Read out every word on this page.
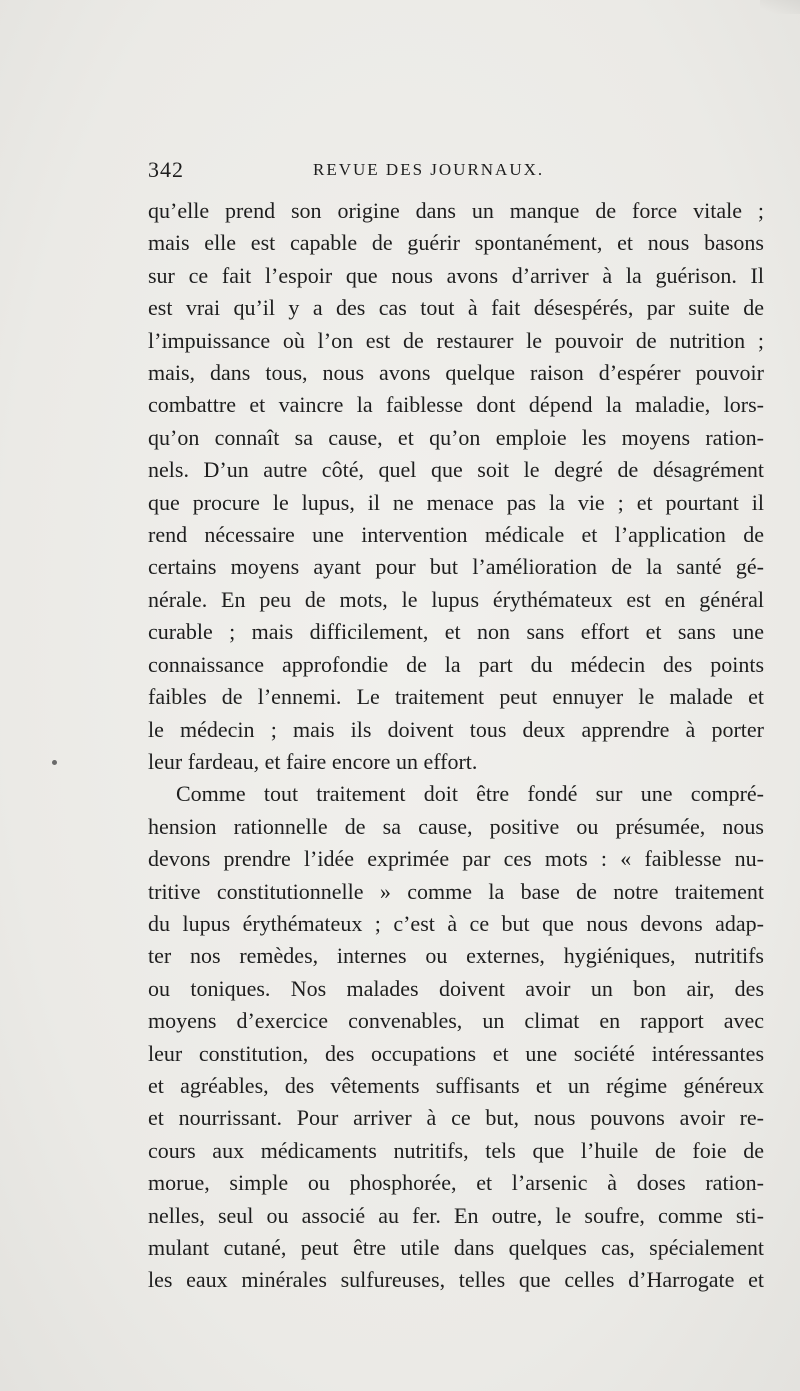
342	REVUE DES JOURNAUX.
qu’elle prend son origine dans un manque de force vitale ;
mais elle est capable de guérir spontanément, et nous basons
sur ce fait l’espoir que nous avons d’arriver à la guérison. Il
est vrai qu’il y a des cas tout à fait désespérés, par suite de
l’impuissance où l’on est de restaurer le pouvoir de nutrition ;
mais, dans tous, nous avons quelque raison d’espérer pouvoir
combattre et vaincre la faiblesse dont dépend la maladie, lors-
qu’on connaît sa cause, et qu’on emploie les moyens ration-
nels. D’un autre côté, quel que soit le degré de désagrément
que procure le lupus, il ne menace pas la vie ; et pourtant il
rend nécessaire une intervention médicale et l’application de
certains moyens ayant pour but l’amélioration de la santé gé-
nérale. En peu de mots, le lupus érythémateux est en général
curable ; mais difficilement, et non sans effort et sans une
connaissance approfondie de la part du médecin des points
faibles de l’ennemi. Le traitement peut ennuyer le malade et
le médecin ; mais ils doivent tous deux apprendre à porter
leur fardeau, et faire encore un effort.
Comme tout traitement doit être fondé sur une compré-
hension rationnelle de sa cause, positive ou présumée, nous
devons prendre l’idée exprimée par ces mots : « faiblesse nu-
tritive constitutionnelle » comme la base de notre traitement
du lupus érythémateux ; c’est à ce but que nous devons adap-
ter nos remèdes, internes ou externes, hygiéniques, nutritifs
ou toniques. Nos malades doivent avoir un bon air, des
moyens d’exercice convenables, un climat en rapport avec
leur constitution, des occupations et une société intéressantes
et agréables, des vêtements suffisants et un régime généreux
et nourrissant. Pour arriver à ce but, nous pouvons avoir re-
cours aux médicaments nutritifs, tels que l’huile de foie de
morue, simple ou phosphorée, et l’arsenic à doses ration-
nelles, seul ou associé au fer. En outre, le soufre, comme sti-
mulant cutané, peut être utile dans quelques cas, spécialement
les eaux minérales sulfureuses, telles que celles d’Harrogate et
